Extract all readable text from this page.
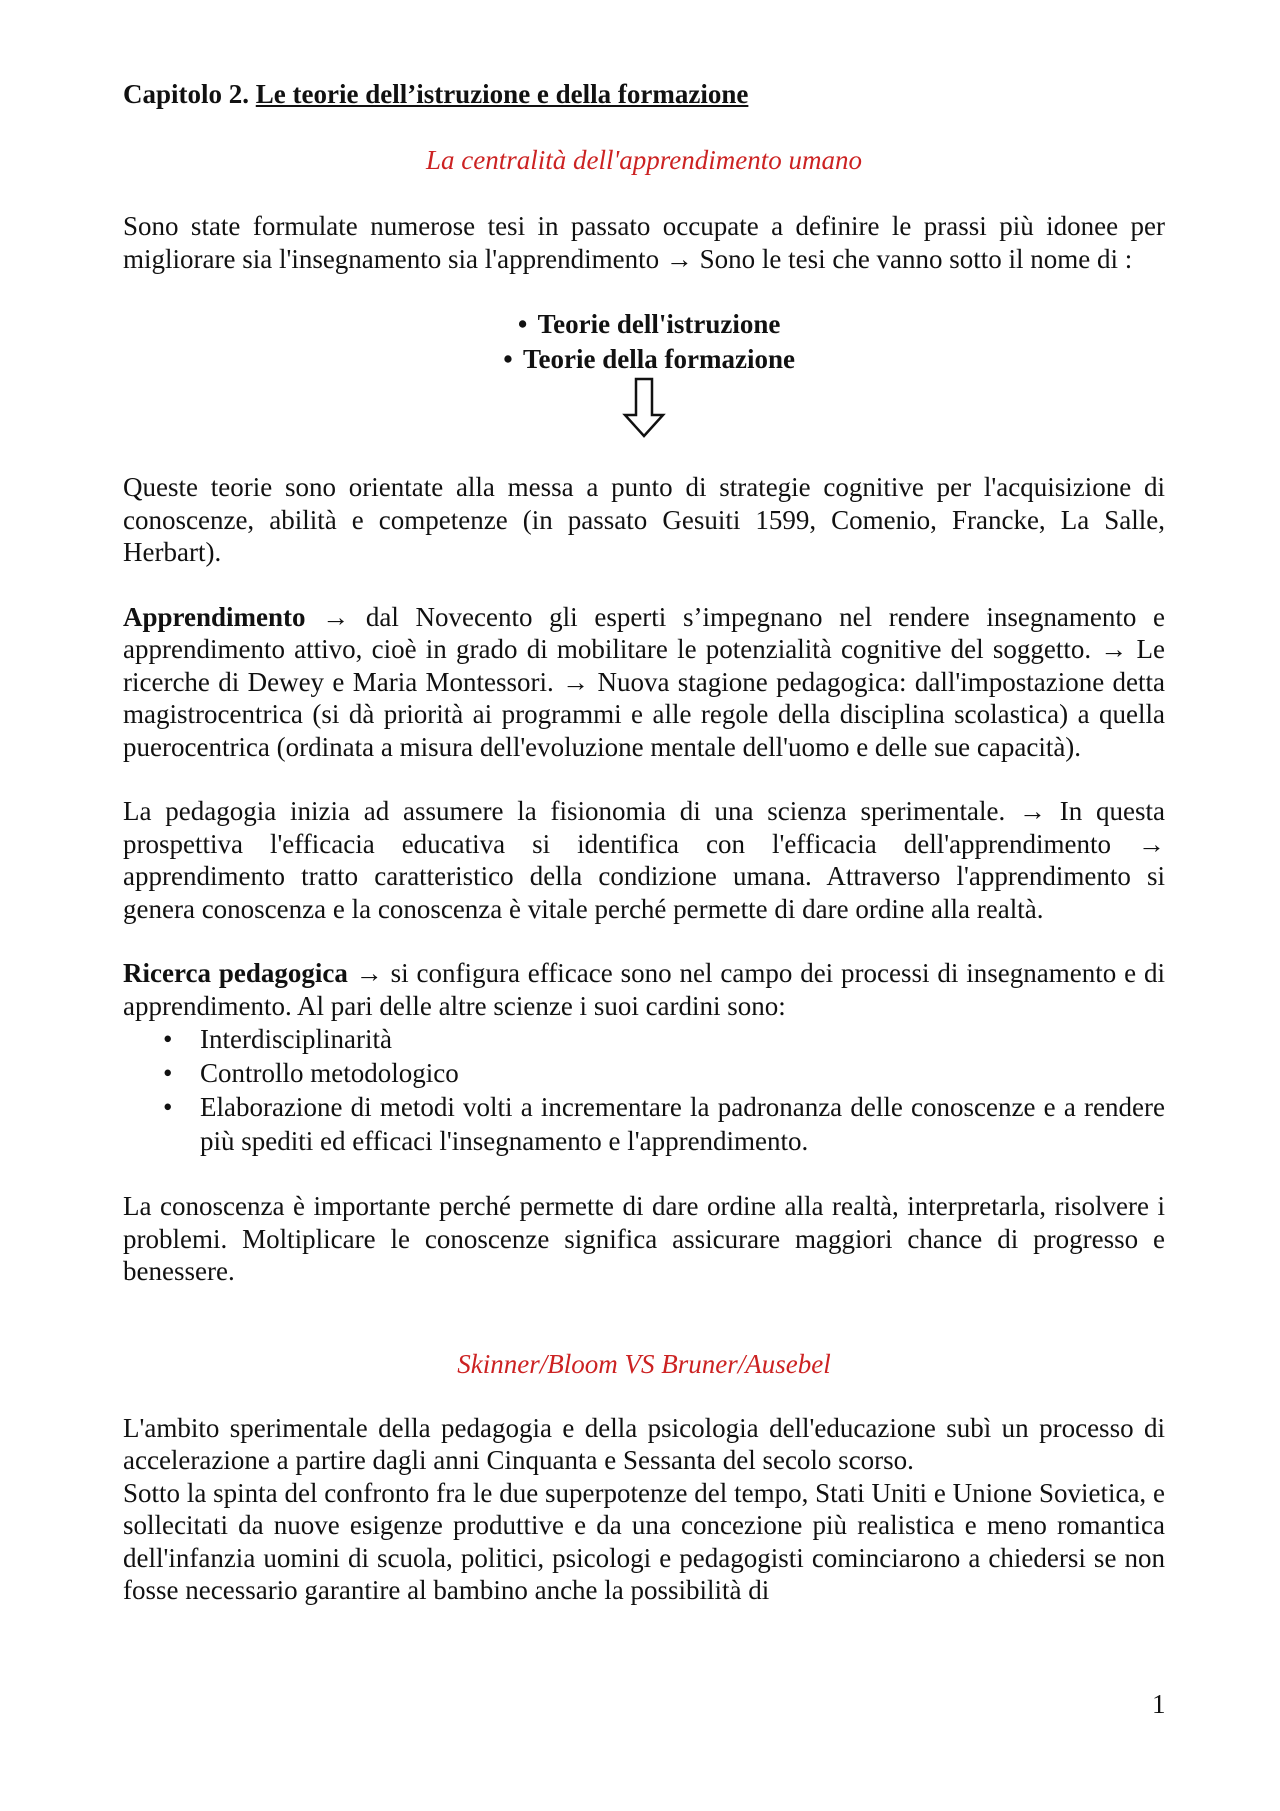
Capitolo 2. Le teorie dell’istruzione e della formazione

La centralità dell'apprendimento umano

Sono state formulate numerose tesi in passato occupate a definire le prassi più idonee per migliorare sia l'insegnamento sia l'apprendimento → Sono le tesi che vanno sotto il nome di :

• Teorie dell'istruzione
• Teorie della formazione

Queste teorie sono orientate alla messa a punto di strategie cognitive per l'acquisizione di conoscenze, abilità e competenze (in passato Gesuiti 1599, Comenio, Francke, La Salle, Herbart).

Apprendimento → dal Novecento gli esperti s’impegnano nel rendere insegnamento e apprendimento attivo, cioè in grado di mobilitare le potenzialità cognitive del soggetto. → Le ricerche di Dewey e Maria Montessori. → Nuova stagione pedagogica: dall'impostazione detta magistrocentrica (si dà priorità ai programmi e alle regole della disciplina scolastica) a quella puerocentrica (ordinata a misura dell'evoluzione mentale dell'uomo e delle sue capacità).

La pedagogia inizia ad assumere la fisionomia di una scienza sperimentale. → In questa prospettiva l'efficacia educativa si identifica con l'efficacia dell'apprendimento → apprendimento tratto caratteristico della condizione umana. Attraverso l'apprendimento si genera conoscenza e la conoscenza è vitale perché permette di dare ordine alla realtà.

Ricerca pedagogica → si configura efficace sono nel campo dei processi di insegnamento e di apprendimento. Al pari delle altre scienze i suoi cardini sono:

• Interdisciplinarità
• Controllo metodologico
• Elaborazione di metodi volti a incrementare la padronanza delle conoscenze e a rendere più spediti ed efficaci l'insegnamento e l'apprendimento.

La conoscenza è importante perché permette di dare ordine alla realtà, interpretarla, risolvere i problemi. Moltiplicare le conoscenze significa assicurare maggiori chance di progresso e benessere.

Skinner/Bloom VS Bruner/Ausebel

L'ambito sperimentale della pedagogia e della psicologia dell'educazione subì un processo di accelerazione a partire dagli anni Cinquanta e Sessanta del secolo scorso.

Sotto la spinta del confronto fra le due superpotenze del tempo, Stati Uniti e Unione Sovietica, e sollecitati da nuove esigenze produttive e da una concezione più realistica e meno romantica dell'infanzia uomini di scuola, politici, psicologi e pedagogisti cominciarono a chiedersi se non fosse necessario garantire al bambino anche la possibilità di

1
